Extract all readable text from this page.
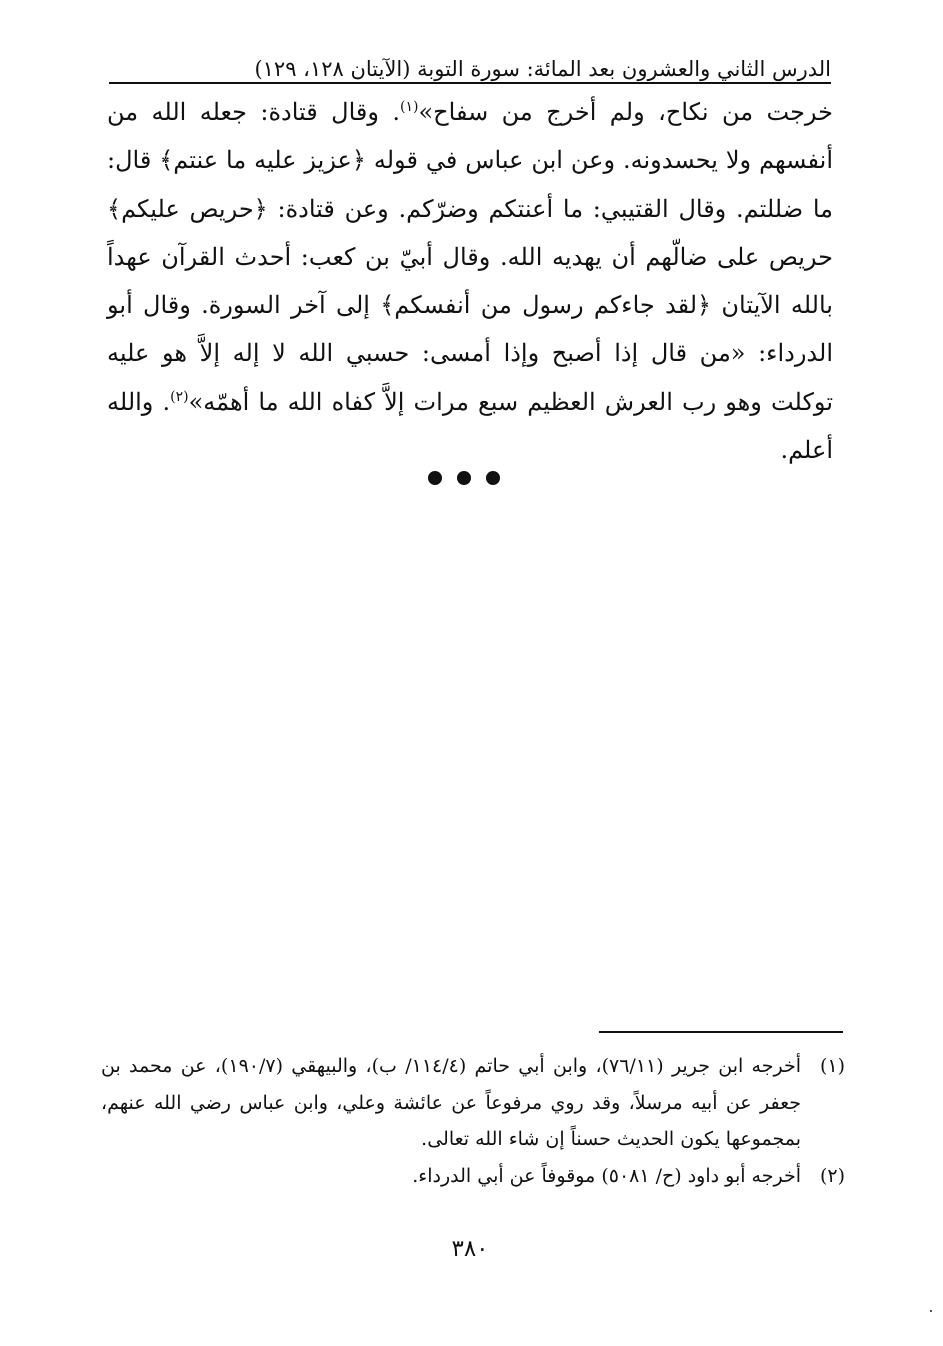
الدرس الثاني والعشرون بعد المائة: سورة التوبة (الآيتان ١٢٨، ١٢٩)

خرجت من نكاح، ولم أخرج من سفاح»$^{(١)}$. وقال قتادة: جعله الله من أنفسهم ولا يحسدونه. وعن ابن عباس في قوله ﴿عزيز عليه ما عنتم﴾ قال: ما ضللتم. وقال القتيبي: ما أعنتكم وضرّكم. وعن قتادة: ﴿حريص عليكم﴾ حريص على ضالّهم أن يهديه الله. وقال أبيّ بن كعب: أحدث القرآن عهداً بالله الآيتان ﴿لقد جاءكم رسول من أنفسكم﴾ إلى آخر السورة. وقال أبو الدرداء: «من قال إذا أصبح وإذا أمسى: حسبي الله لا إله إلاَّ هو عليه توكلت وهو رب العرش العظيم سبع مرات إلاَّ كفاه الله ما أهمّه»$^{(٢)}$. والله أعلم.

(١)
أخرجه ابن جرير (٧٦/١١)، وابن أبي حاتم (١١٤/٤/ ب)، والبيهقي (١٩٠/٧)، عن محمد بن جعفر عن أبيه مرسلاً، وقد روي مرفوعاً عن عائشة وعلي، وابن عباس رضي الله عنهم، بمجموعها يكون الحديث حسناً إن شاء الله تعالى.
(٢)
أخرجه أبو داود (ح/ ٥٠٨١) موقوفاً عن أبي الدرداء.
٣٨٠
